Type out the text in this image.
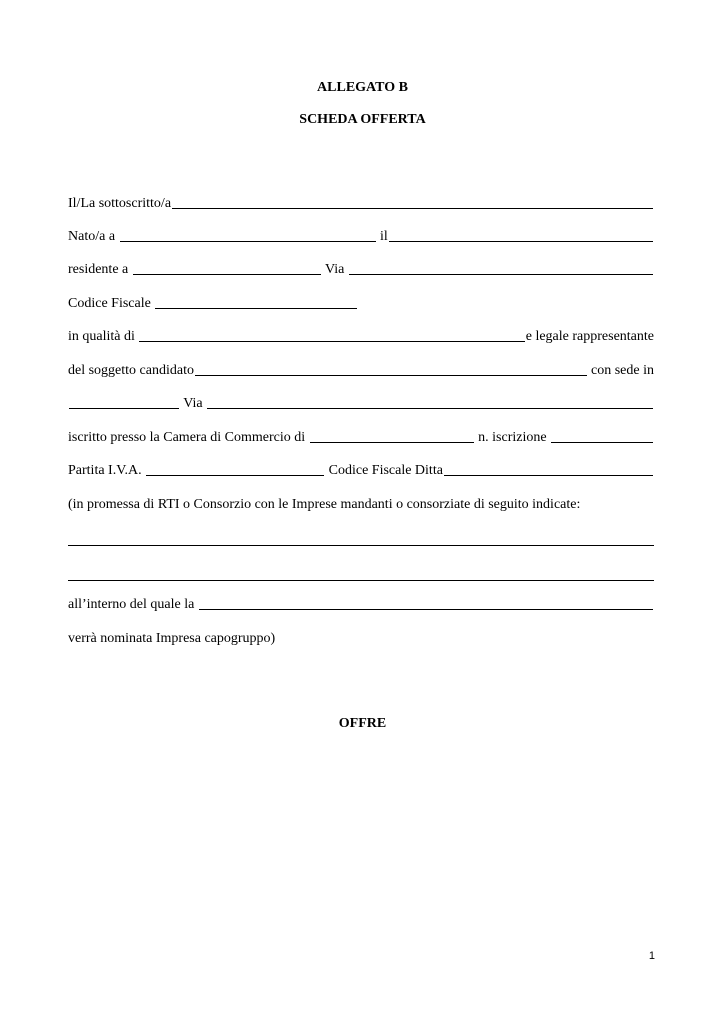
ALLEGATO B
SCHEDA OFFERTA
Il/La sottoscritto/a
Nato/a a	il
residente a	Via
Codice Fiscale
in qualità di	e legale rappresentante
del soggetto candidato	con sede in
Via
iscritto presso la Camera di Commercio di	n. iscrizione
Partita I.V.A.	Codice Fiscale Ditta
(in promessa di RTI o Consorzio con le Imprese mandanti o consorziate di seguito indicate:
all’interno del quale la
verrà nominata Impresa capogruppo)
OFFRE
1
